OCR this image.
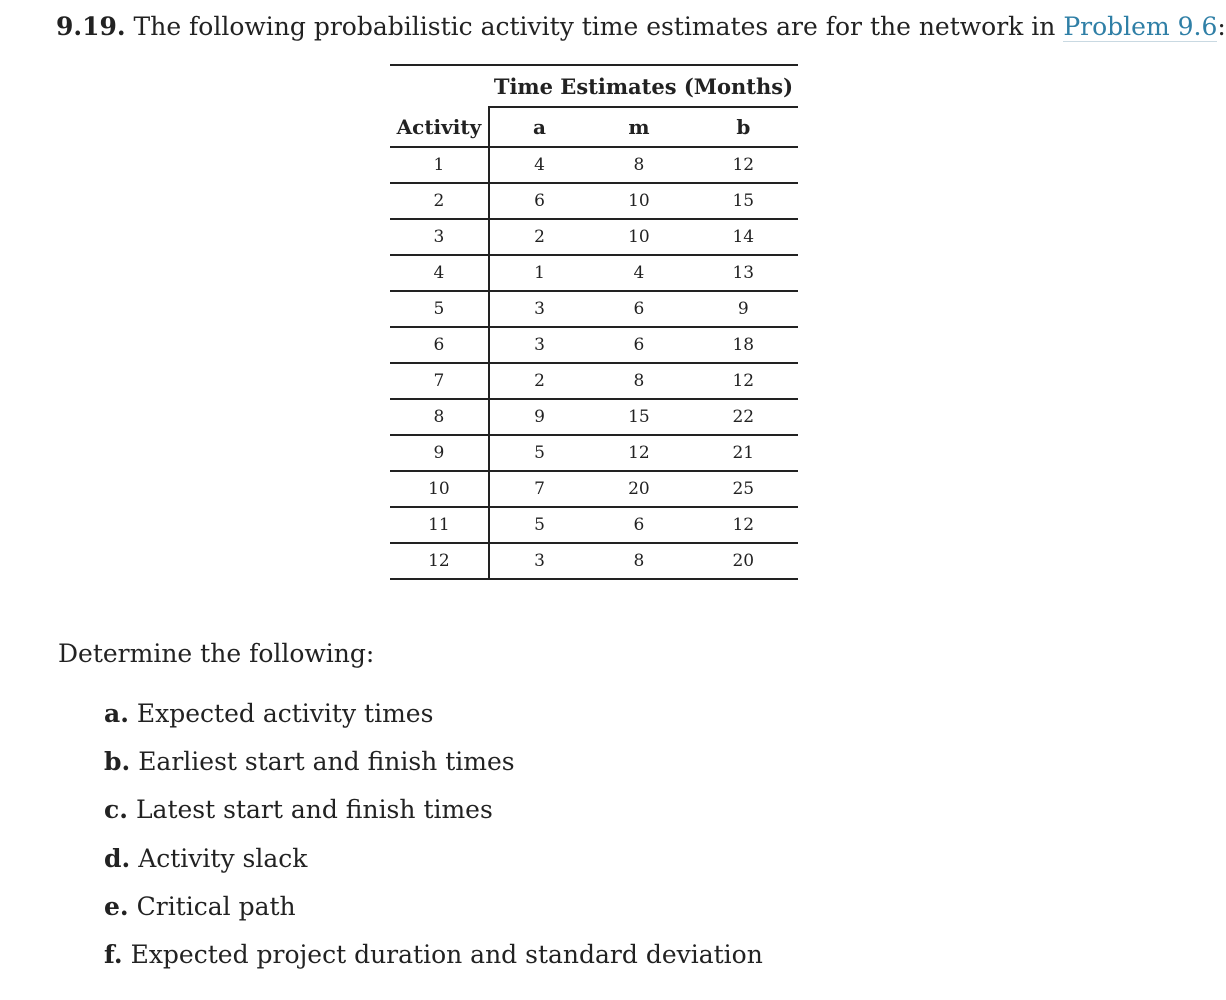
9.19. The following probabilistic activity time estimates are for the network in Problem 9.6:
	Time Estimates (Months)		
Activity	a	m	b
1	4	8	12
2	6	10	15
3	2	10	14
4	1	4	13
5	3	6	9
6	3	6	18
7	2	8	12
8	9	15	22
9	5	12	21
10	7	20	25
11	5	6	12
12	3	8	20
Determine the following:
a. Expected activity times
b. Earliest start and finish times
c. Latest start and finish times
d. Activity slack
e. Critical path
f. Expected project duration and standard deviation
